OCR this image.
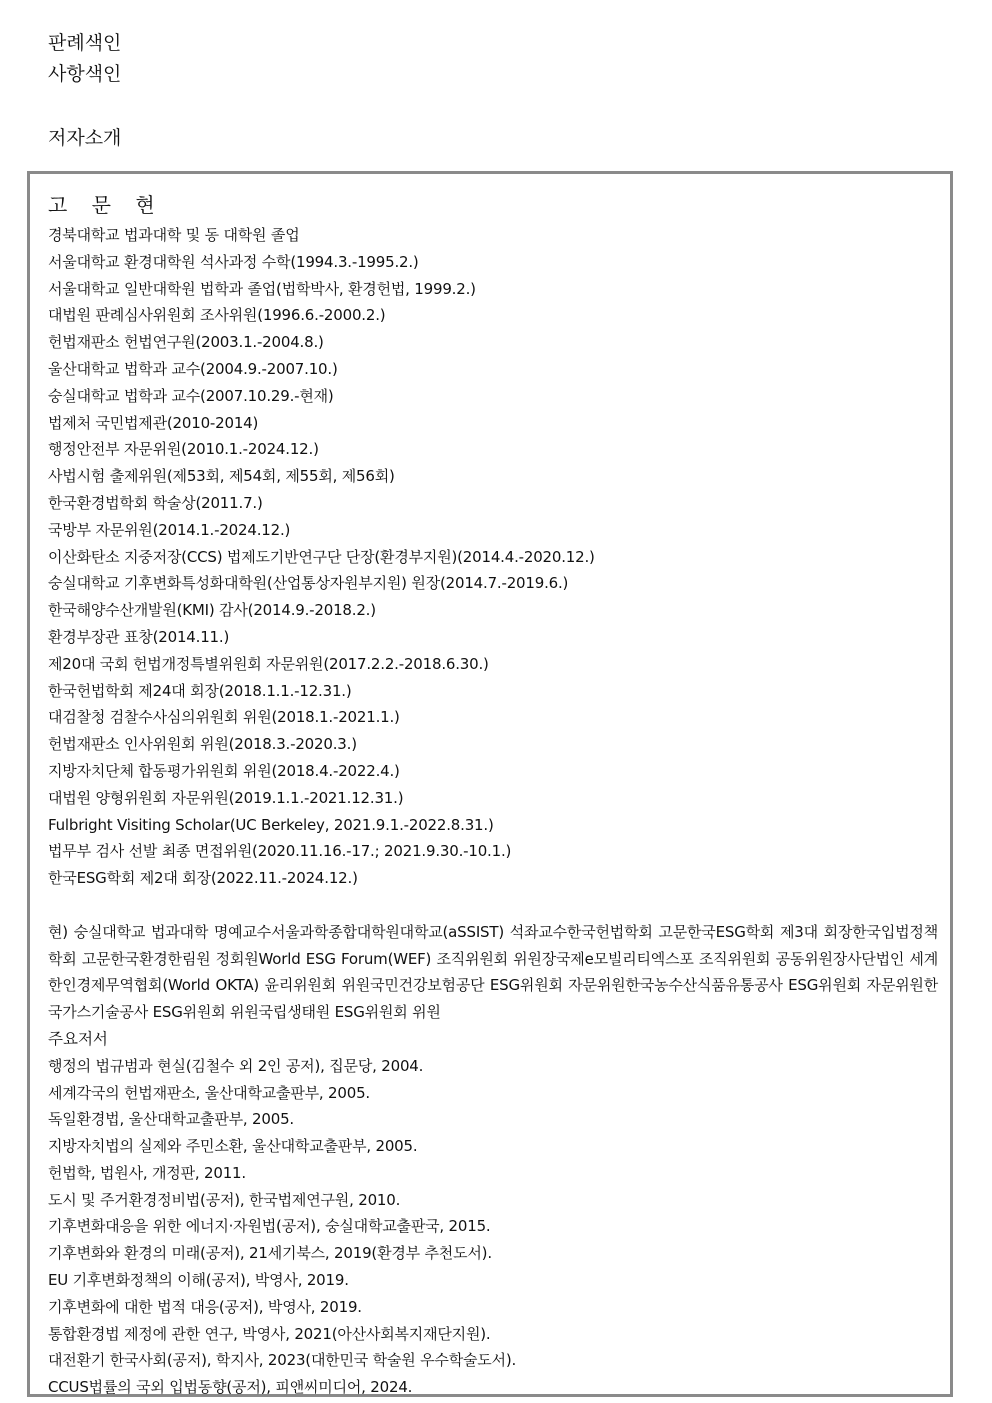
판례색인
사항색인
저자소개
고 문 현
경북대학교 법과대학 및 동 대학원 졸업
서울대학교 환경대학원 석사과정 수학(1994.3.-1995.2.)
서울대학교 일반대학원 법학과 졸업(법학박사, 환경헌법, 1999.2.)
대법원 판례심사위원회 조사위원(1996.6.-2000.2.)
헌법재판소 헌법연구원(2003.1.-2004.8.)
울산대학교 법학과 교수(2004.9.-2007.10.)
숭실대학교 법학과 교수(2007.10.29.-현재)
법제처 국민법제관(2010-2014)
행정안전부 자문위원(2010.1.-2024.12.)
사법시험 출제위원(제53회, 제54회, 제55회, 제56회)
한국환경법학회 학술상(2011.7.)
국방부 자문위원(2014.1.-2024.12.)
이산화탄소 지중저장(CCS) 법제도기반연구단 단장(환경부지원)(2014.4.-2020.12.)
숭실대학교 기후변화특성화대학원(산업통상자원부지원) 원장(2014.7.-2019.6.)
한국해양수산개발원(KMI) 감사(2014.9.-2018.2.)
환경부장관 표창(2014.11.)
제20대 국회 헌법개정특별위원회 자문위원(2017.2.2.-2018.6.30.)
한국헌법학회 제24대 회장(2018.1.1.-12.31.)
대검찰청 검찰수사심의위원회 위원(2018.1.-2021.1.)
헌법재판소 인사위원회 위원(2018.3.-2020.3.)
지방자치단체 합동평가위원회 위원(2018.4.-2022.4.)
대법원 양형위원회 자문위원(2019.1.1.-2021.12.31.)
Fulbright Visiting Scholar(UC Berkeley, 2021.9.1.-2022.8.31.)
법무부 검사 선발 최종 면접위원(2020.11.16.-17.; 2021.9.30.-10.1.)
한국ESG학회 제2대 회장(2022.11.-2024.12.)
현) 숭실대학교 법과대학 명예교수서울과학종합대학원대학교(aSSIST) 석좌교수한국헌법학회 고문한국ESG학회 제3대 회장한국입법정책학회 고문한국환경한림원 정회원World ESG Forum(WEF) 조직위원회 위원장국제e모빌리티엑스포 조직위원회 공동위원장사단법인 세계한인경제무역협회(World OKTA) 윤리위원회 위원국민건강보험공단 ESG위원회 자문위원한국농수산식품유통공사 ESG위원회 자문위원한국가스기술공사 ESG위원회 위원국립생태원 ESG위원회 위원
주요저서
행정의 법규범과 현실(김철수 외 2인 공저), 집문당, 2004.
세계각국의 헌법재판소, 울산대학교출판부, 2005.
독일환경법, 울산대학교출판부, 2005.
지방자치법의 실제와 주민소환, 울산대학교출판부, 2005.
헌법학, 법원사, 개정판, 2011.
도시 및 주거환경정비법(공저), 한국법제연구원, 2010.
기후변화대응을 위한 에너지·자원법(공저), 숭실대학교출판국, 2015.
기후변화와 환경의 미래(공저), 21세기북스, 2019(환경부 추천도서).
EU 기후변화정책의 이해(공저), 박영사, 2019.
기후변화에 대한 법적 대응(공저), 박영사, 2019.
통합환경법 제정에 관한 연구, 박영사, 2021(아산사회복지재단지원).
대전환기 한국사회(공저), 학지사, 2023(대한민국 학술원 우수학술도서).
CCUS법률의 국외 입법동향(공저), 피앤씨미디어, 2024.
